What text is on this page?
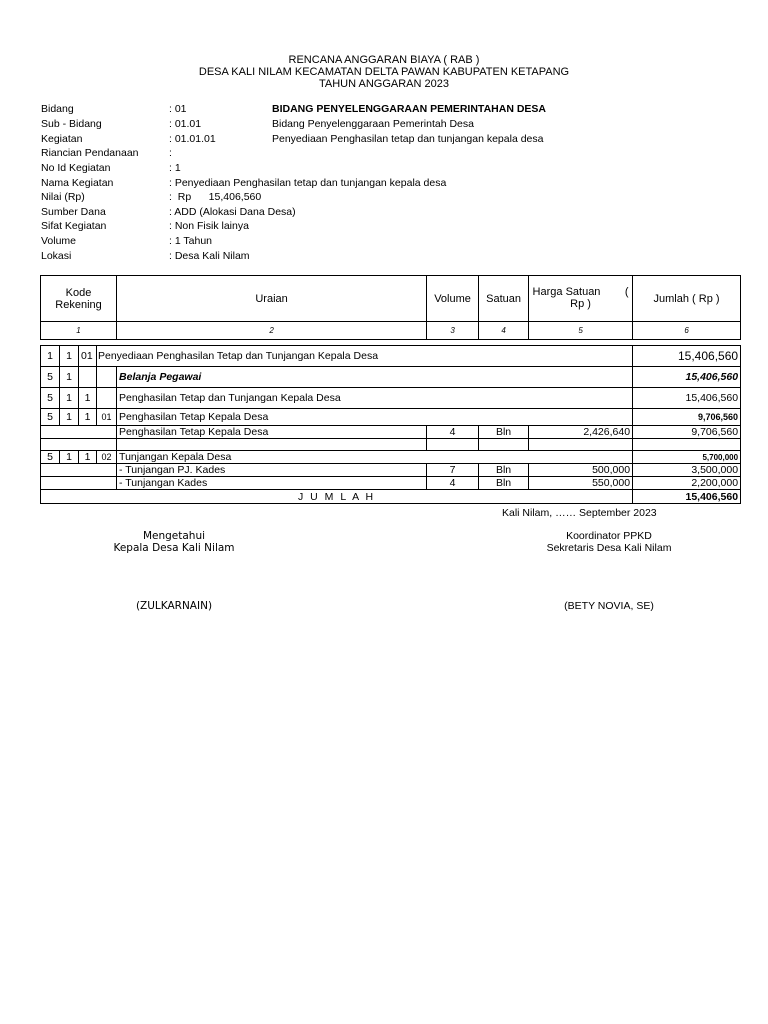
RENCANA ANGGARAN BIAYA ( RAB )
DESA KALI NILAM KECAMATAN DELTA PAWAN KABUPATEN KETAPANG
TAHUN ANGGARAN 2023
Bidang	: 01	BIDANG PENYELENGGARAAN PEMERINTAHAN DESA
Sub - Bidang	: 01.01	Bidang Penyelenggaraan Pemerintah Desa
Kegiatan	: 01.01.01	Penyediaan Penghasilan tetap dan tunjangan kepala desa
Riancian Pendanaan	:
No Id Kegiatan	: 1
Nama Kegiatan	: Penyediaan Penghasilan tetap dan tunjangan kepala desa
Nilai (Rp)	:  Rp      15,406,560
Sumber Dana	: ADD (Alokasi Dana Desa)
Sifat Kegiatan	: Non Fisik lainya
Volume	: 1 Tahun
Lokasi	: Desa Kali Nilam
Kode Rekening				Uraian	Volume	Satuan	Harga Satuan        ( Rp )	Jumlah ( Rp )
1				2	3	4	5	6

1	1	01	Penyediaan Penghasilan Tetap dan Tunjangan Kepala Desa					15,406,560
5	1			Belanja Pegawai				15,406,560
5	1	1		Penghasilan Tetap dan Tunjangan Kepala Desa				15,406,560
5	1	1	01	Penghasilan Tetap Kepala Desa				9,706,560
				Penghasilan Tetap Kepala Desa	4	Bln	2,426,640	9,706,560

5	1	1	02	Tunjangan Kepala Desa				5,700,000
				- Tunjangan PJ. Kades	7	Bln	500,000	3,500,000
				- Tunjangan Kades	4	Bln	550,000	2,200,000
J U M L A H								15,406,560
Kali Nilam, …… September 2023
Mengetahui
Kepala Desa Kali Nilam
(ZULKARNAIN)
Koordinator PPKD
Sekretaris Desa Kali Nilam
(BETY NOVIA, SE)
